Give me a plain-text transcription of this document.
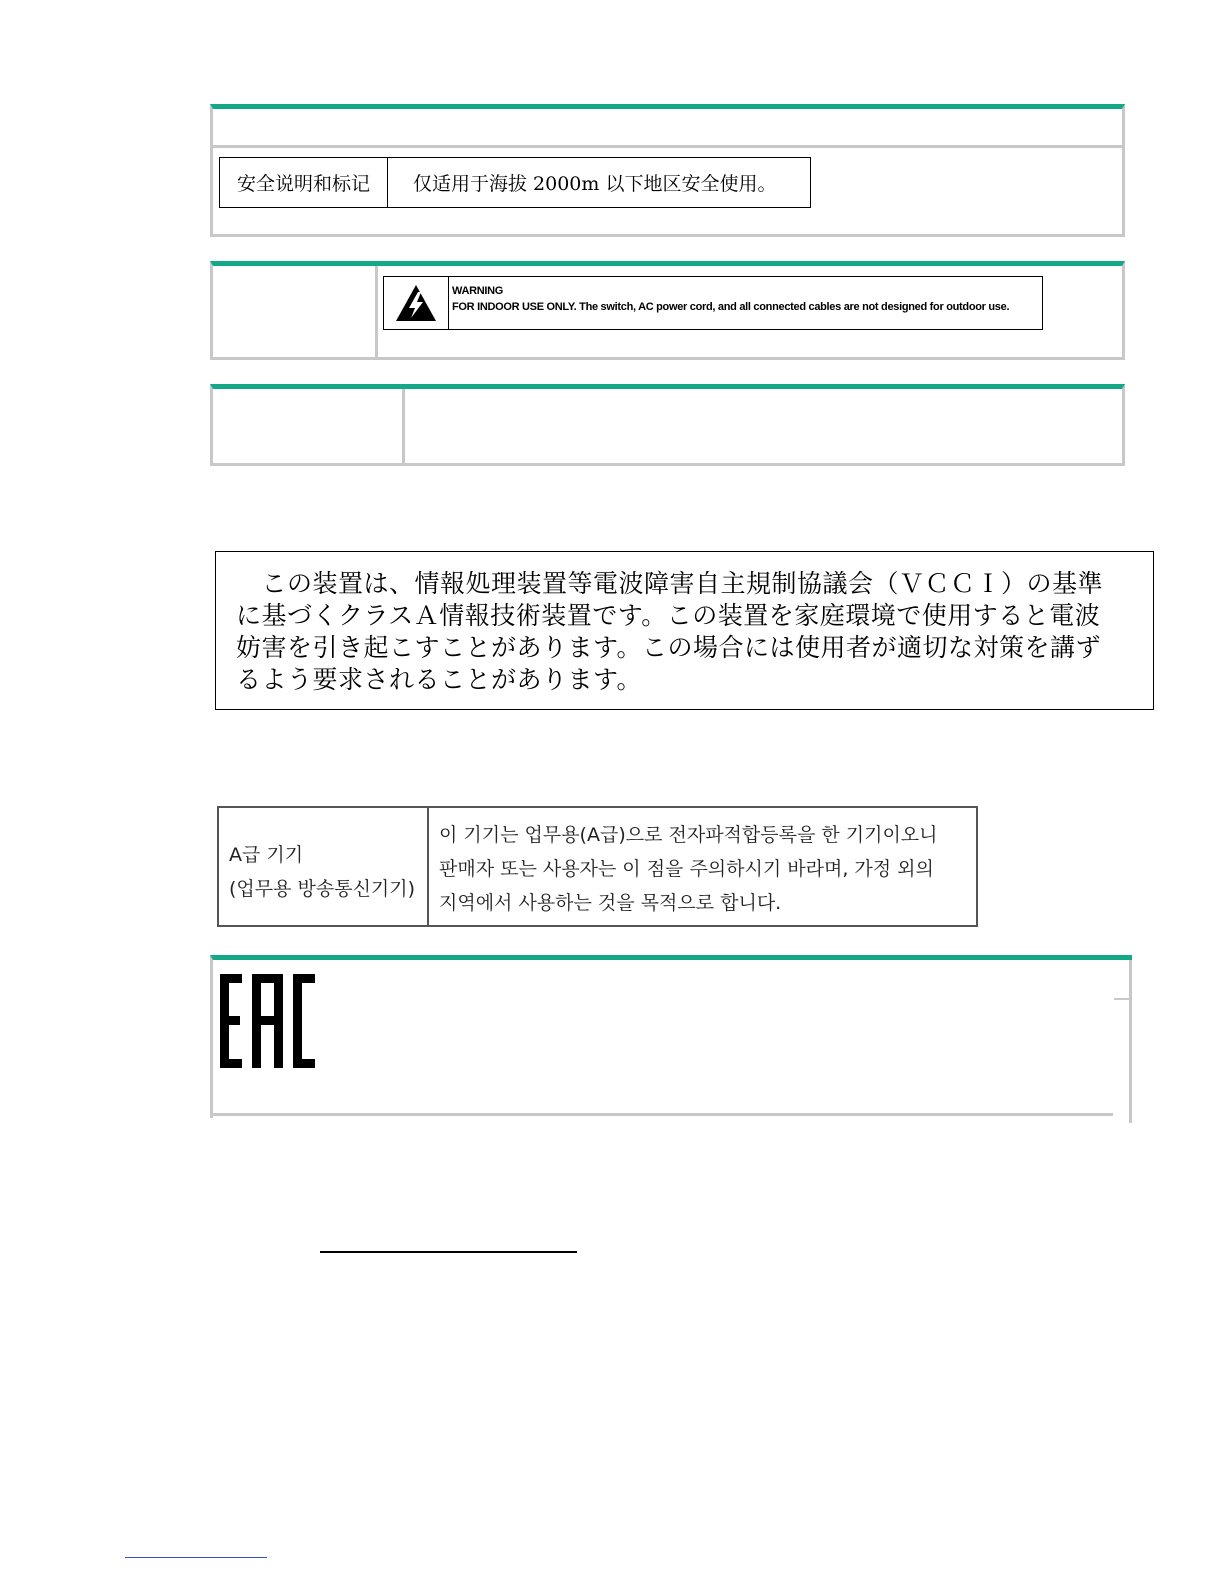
安全说明和标记	仅适用于海拔 2000m 以下地区安全使用。
WARNING
FOR INDOOR USE ONLY. The switch, AC power cord, and all connected cables are not designed for outdoor use.
　この装置は、情報処理装置等電波障害自主規制協議会（ＶＣＣＩ）の基準
に基づくクラスＡ情報技術装置です。この装置を家庭環境で使用すると電波
妨害を引き起こすことがあります。この場合には使用者が適切な対策を講ず
るよう要求されることがあります。
A급 기기
(업무용 방송통신기기)
이 기기는 업무용(A급)으로 전자파적합등록을 한 기기이오니
판매자 또는 사용자는 이 점을 주의하시기 바라며, 가정 외의
지역에서 사용하는 것을 목적으로 합니다.
